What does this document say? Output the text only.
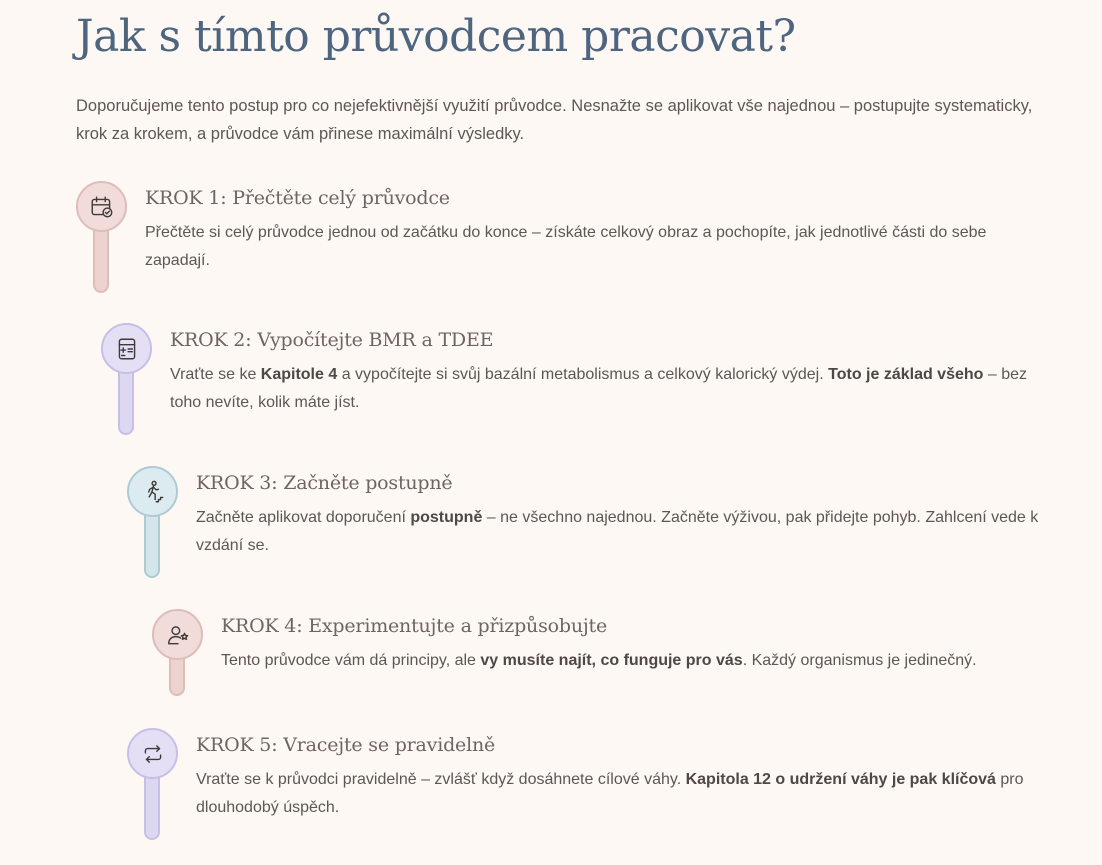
Jak s tímto průvodcem pracovat?

Doporučujeme tento postup pro co nejefektivnější využití průvodce. Nesnažte se aplikovat vše najednou – postupujte systematicky, krok za krokem, a průvodce vám přinese maximální výsledky.

KROK 1: Přečtěte celý průvodce

Přečtěte si celý průvodce jednou od začátku do konce – získáte celkový obraz a pochopíte, jak jednotlivé části do sebe zapadají.

KROK 2: Vypočítejte BMR a TDEE

Vraťte se ke Kapitole 4 a vypočítejte si svůj bazální metabolismus a celkový kalorický výdej. Toto je základ všeho – bez toho nevíte, kolik máte jíst.

KROK 3: Začněte postupně

Začněte aplikovat doporučení postupně – ne všechno najednou. Začněte výživou, pak přidejte pohyb. Zahlcení vede k vzdání se.

KROK 4: Experimentujte a přizpůsobujte

Tento průvodce vám dá principy, ale vy musíte najít, co funguje pro vás. Každý organismus je jedinečný.

KROK 5: Vracejte se pravidelně

Vraťte se k průvodci pravidelně – zvlášť když dosáhnete cílové váhy. Kapitola 12 o udržení váhy je pak klíčová pro dlouhodobý úspěch.
